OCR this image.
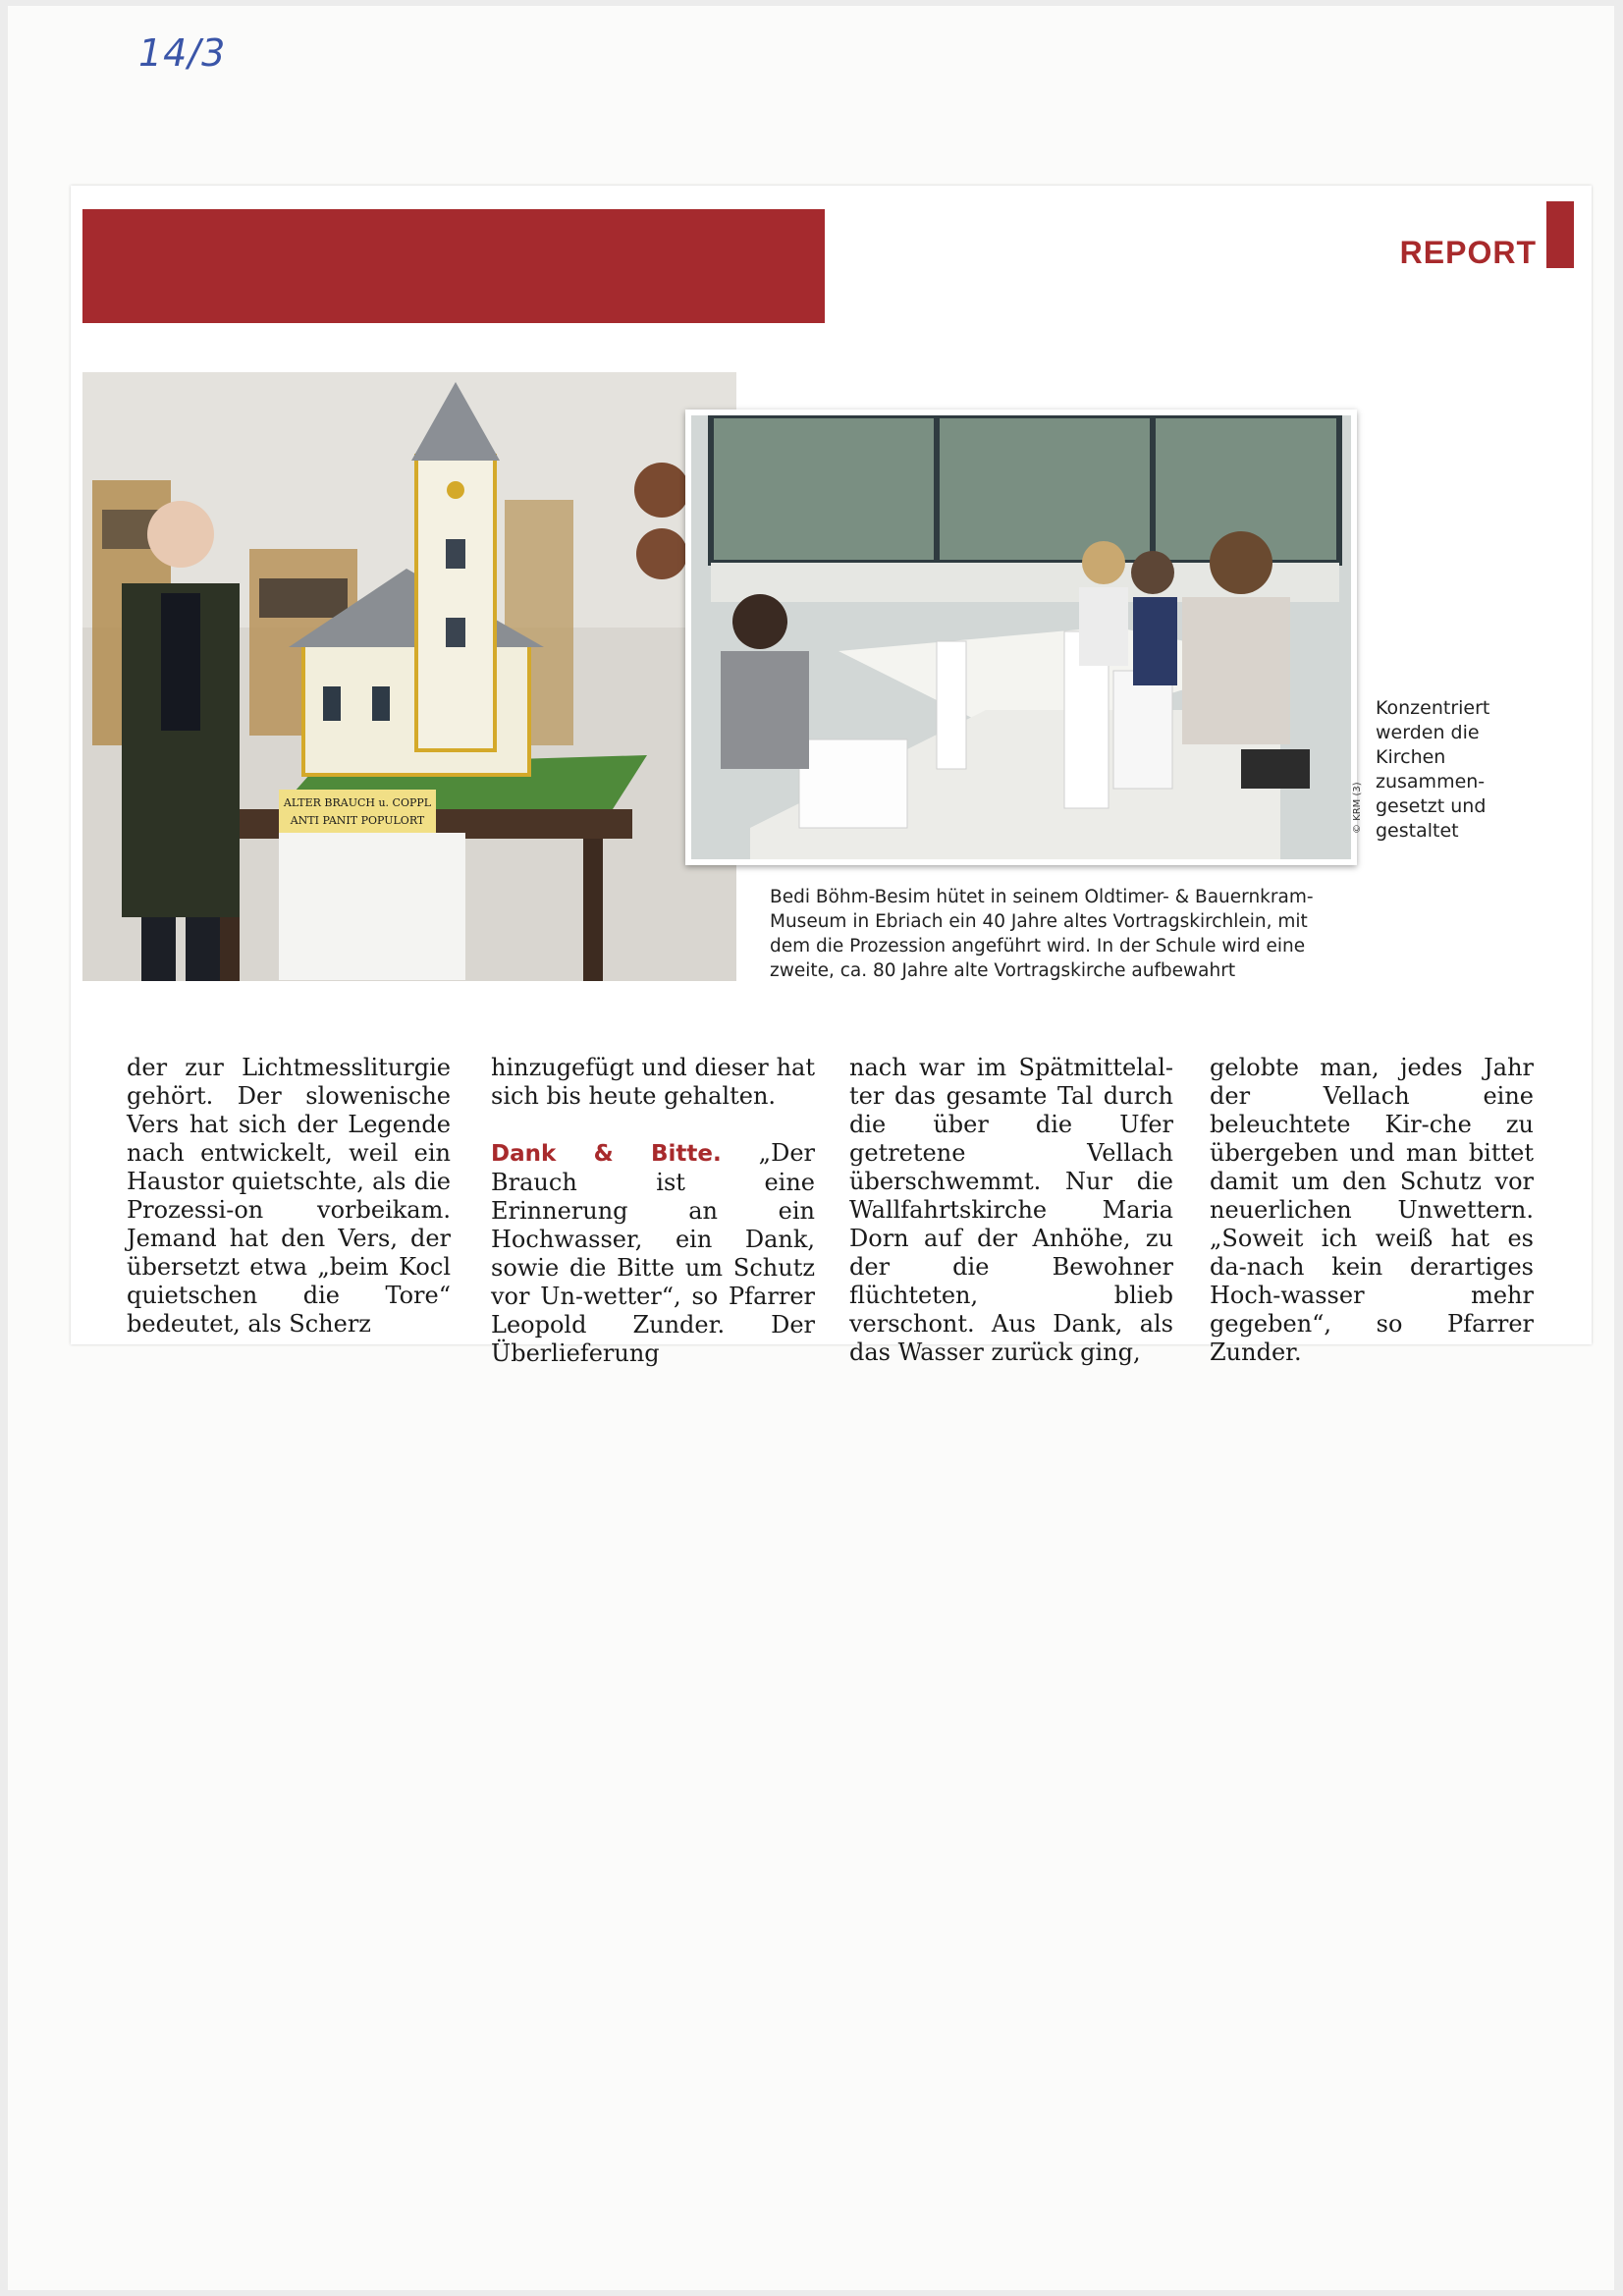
14/3
REPORT
ALTER BRAUCH u. COPPL
ANTI PANIT POPULORT	© KRM (3)
Konzentriert werden die Kirchen zusammen-gesetzt und gestaltet
Bedi Böhm-Besim hütet in seinem Oldtimer- & Bauernkram-Museum in Ebriach ein 40 Jahre altes Vortragskirchlein, mit dem die Prozession angeführt wird. In der Schule wird eine zweite, ca. 80 Jahre alte Vortragskirche aufbewahrt

der zur Lichtmessliturgie gehört. Der slowenische Vers hat sich der Legende nach entwickelt, weil ein Haustor quietschte, als die Prozessi-on vorbeikam. Jemand hat den Vers, der übersetzt etwa „beim Kocl quietschen die Tore“ bedeutet, als Scherz

hinzugefügt und dieser hat sich bis heute gehalten.

Dank & Bitte. „Der Brauch ist eine Erinnerung an ein Hochwasser, ein Dank, sowie die Bitte um Schutz vor Un-wetter“, so Pfarrer Leopold Zunder. Der Überlieferung

nach war im Spätmittelal-ter das gesamte Tal durch die über die Ufer getretene Vellach überschwemmt. Nur die Wallfahrtskirche Maria Dorn auf der Anhöhe, zu der die Bewohner flüchteten, blieb verschont. Aus Dank, als das Wasser zurück ging,

gelobte man, jedes Jahr der Vellach eine beleuchtete Kir-che zu übergeben und man bittet damit um den Schutz vor neuerlichen Unwettern. „Soweit ich weiß hat es da-nach kein derartiges Hoch-wasser mehr gegeben“, so Pfarrer Zunder.
